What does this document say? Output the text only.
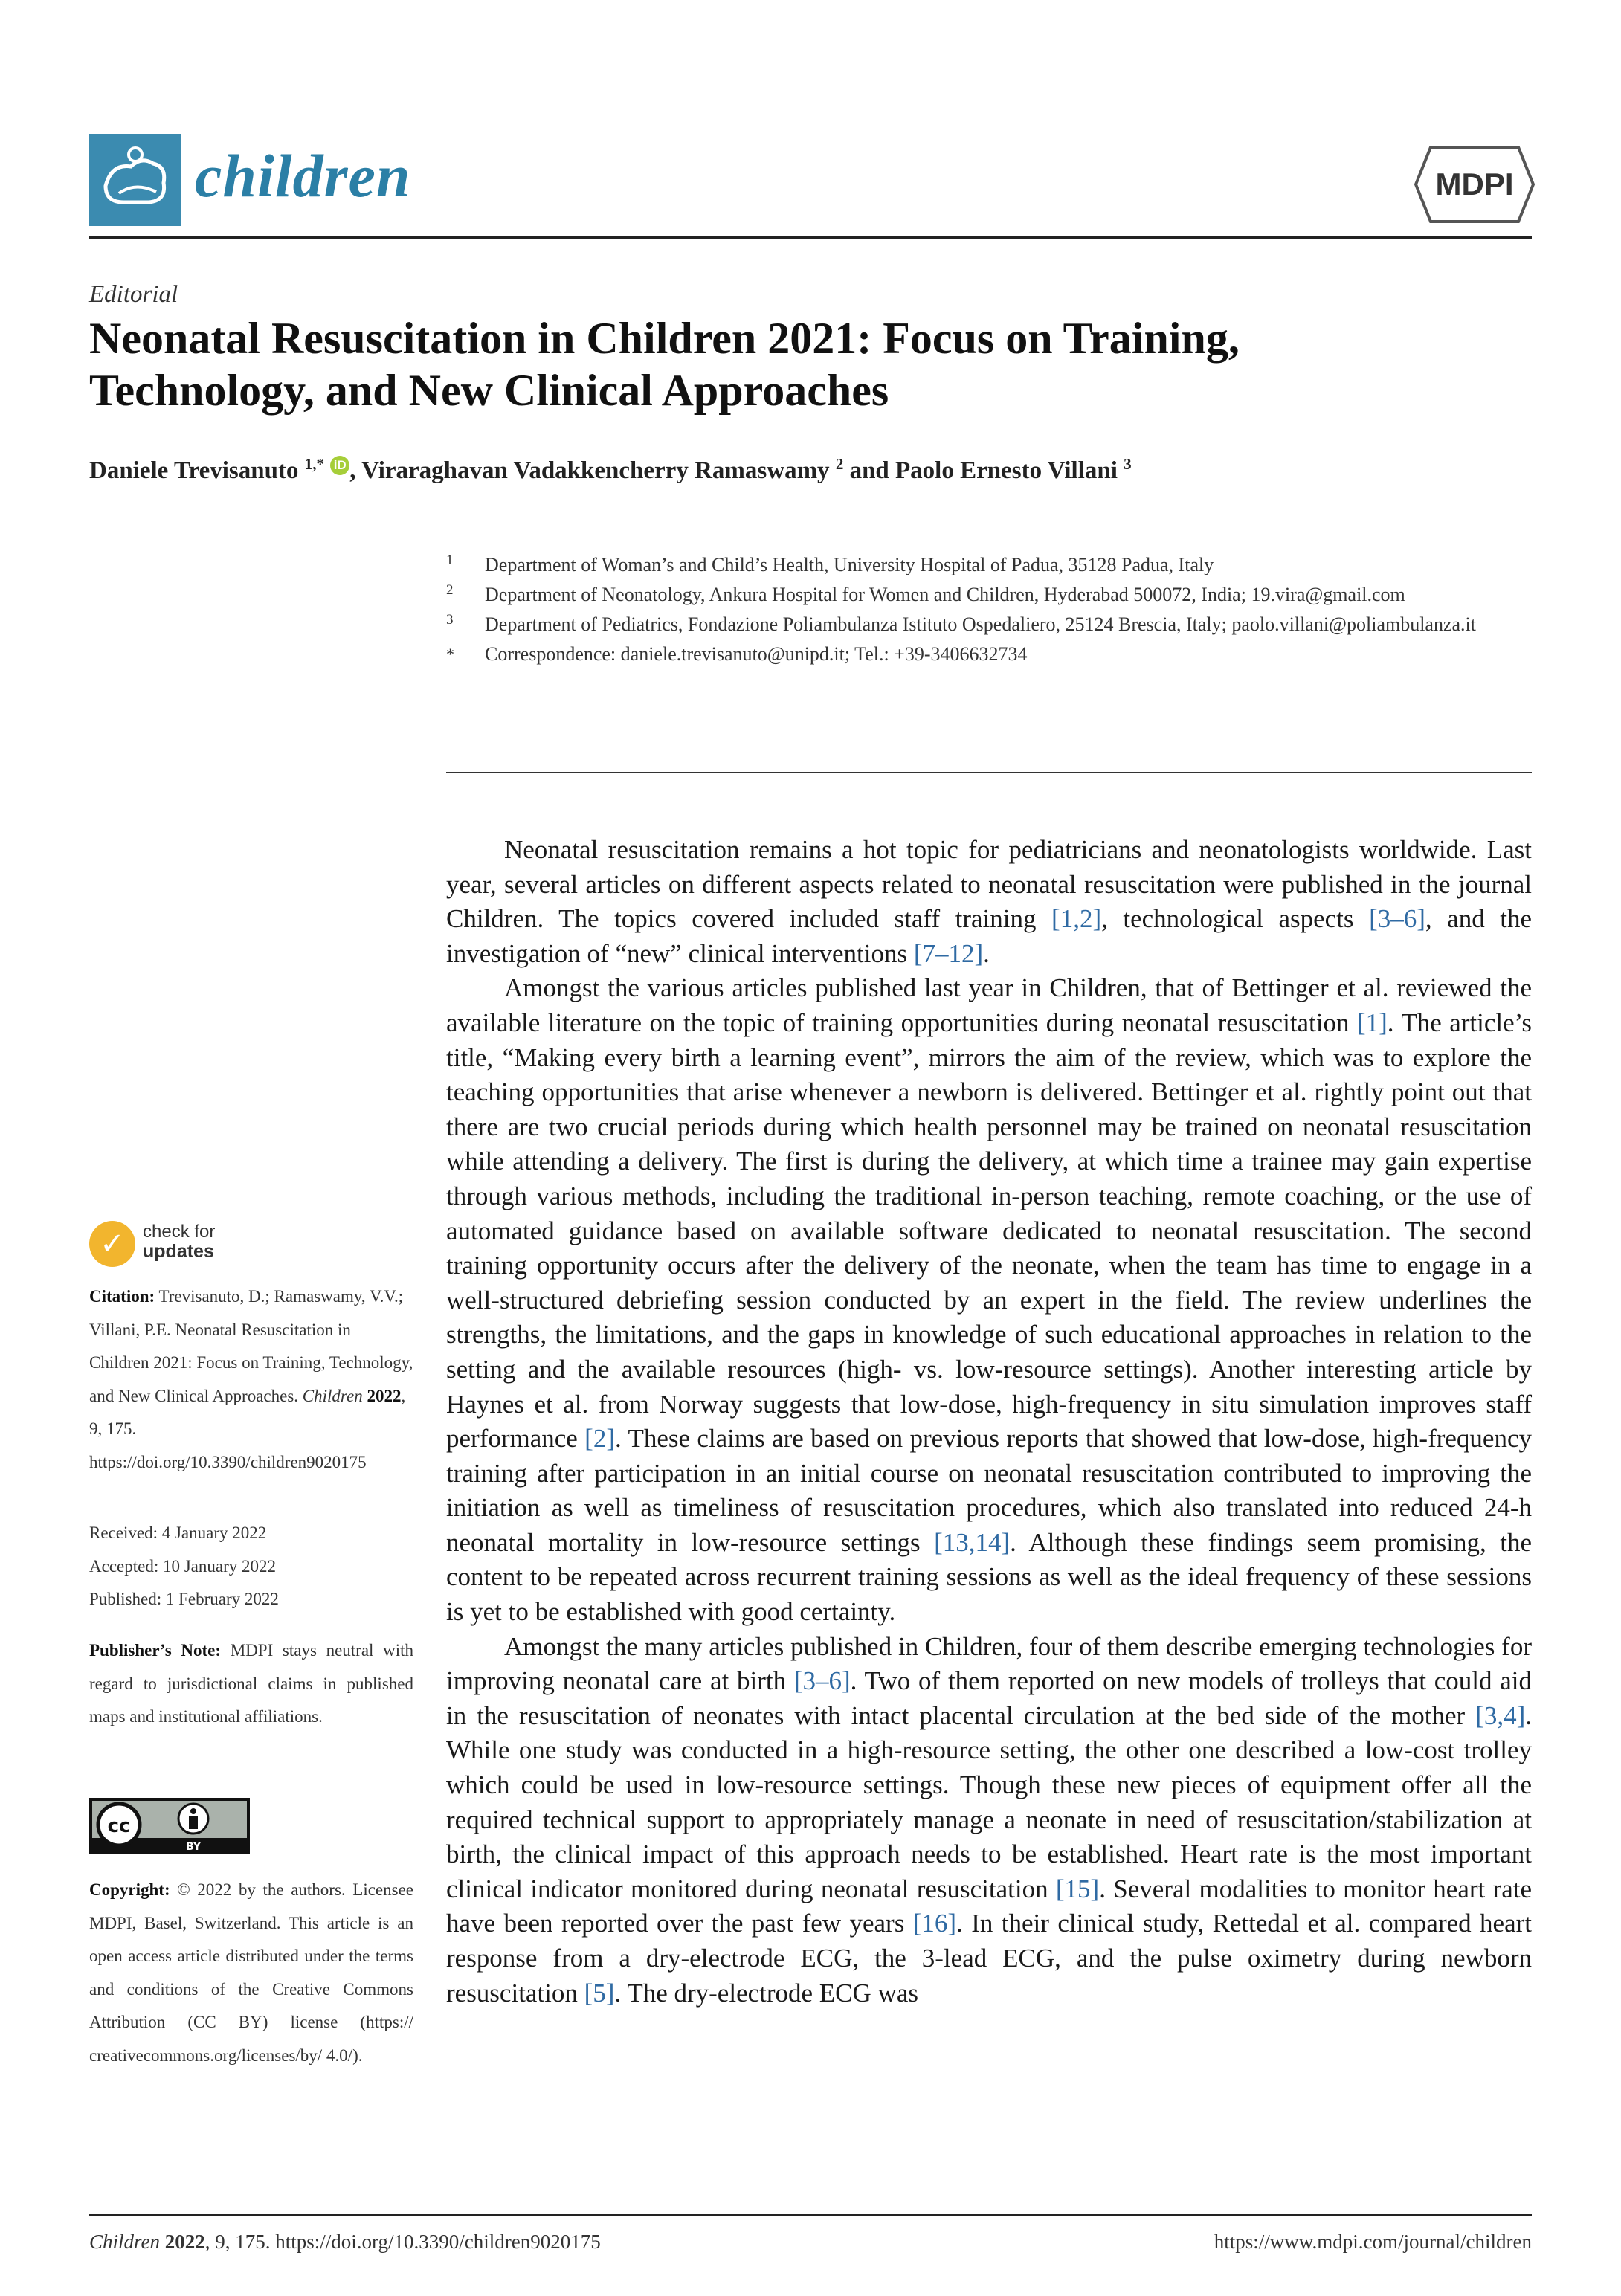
children	MDPI
Editorial
Neonatal Resuscitation in Children 2021: Focus on Training,
Technology, and New Clinical Approaches
Daniele Trevisanuto $^{1,*}$ iD , Viraraghavan Vadakkencherry Ramaswamy $^2$ and Paolo Ernesto Villani $^3$
1 Department of Woman’s and Child’s Health, University Hospital of Padua, 35128 Padua, Italy
2 Department of Neonatology, Ankura Hospital for Women and Children, Hyderabad 500072, India; 19.vira@gmail.com
3 Department of Pediatrics, Fondazione Poliambulanza Istituto Ospedaliero, 25124 Brescia, Italy; paolo.villani@poliambulanza.it
* Correspondence: daniele.trevisanuto@unipd.it; Tel.: +39-3406632734
✓	check for
updates
Citation: Trevisanuto, D.; Ramaswamy, V.V.; Villani, P.E. Neonatal Resuscitation in Children 2021: Focus on Training, Technology, and New Clinical Approaches. Children 2022, 9, 175. https://doi.org/10.3390/children9020175
Received: 4 January 2022
Accepted: 10 January 2022
Published: 1 February 2022
Publisher’s Note: MDPI stays neutral with regard to jurisdictional claims in published maps and institutional affiliations.
cc
BY
Copyright: © 2022 by the authors. Licensee MDPI, Basel, Switzerland. This article is an open access article distributed under the terms and conditions of the Creative Commons Attribution (CC BY) license (https:// creativecommons.org/licenses/by/ 4.0/).

Neonatal resuscitation remains a hot topic for pediatricians and neonatologists worldwide. Last year, several articles on different aspects related to neonatal resuscitation were published in the journal Children. The topics covered included staff training [1,2], technological aspects [3–6], and the investigation of “new” clinical interventions [7–12].

Amongst the various articles published last year in Children, that of Bettinger et al. reviewed the available literature on the topic of training opportunities during neonatal resuscitation [1]. The article’s title, “Making every birth a learning event”, mirrors the aim of the review, which was to explore the teaching opportunities that arise whenever a newborn is delivered. Bettinger et al. rightly point out that there are two crucial periods during which health personnel may be trained on neonatal resuscitation while attending a delivery. The first is during the delivery, at which time a trainee may gain expertise through various methods, including the traditional in-person teaching, remote coaching, or the use of automated guidance based on available software dedicated to neonatal resuscitation. The second training opportunity occurs after the delivery of the neonate, when the team has time to engage in a well-structured debriefing session conducted by an expert in the field. The review underlines the strengths, the limitations, and the gaps in knowledge of such educational approaches in relation to the setting and the available resources (high- vs. low-resource settings). Another interesting article by Haynes et al. from Norway suggests that low-dose, high-frequency in situ simulation improves staff performance [2]. These claims are based on previous reports that showed that low-dose, high-frequency training after participation in an initial course on neonatal resuscitation contributed to improving the initiation as well as timeliness of resuscitation procedures, which also translated into reduced 24-h neonatal mortality in low-resource settings [13,14]. Although these findings seem promising, the content to be repeated across recurrent training sessions as well as the ideal frequency of these sessions is yet to be established with good certainty.

Amongst the many articles published in Children, four of them describe emerging technologies for improving neonatal care at birth [3–6]. Two of them reported on new models of trolleys that could aid in the resuscitation of neonates with intact placental circulation at the bed side of the mother [3,4]. While one study was conducted in a high-resource setting, the other one described a low-cost trolley which could be used in low-resource settings. Though these new pieces of equipment offer all the required technical support to appropriately manage a neonate in need of resuscitation/stabilization at birth, the clinical impact of this approach needs to be established. Heart rate is the most important clinical indicator monitored during neonatal resuscitation [15]. Several modalities to monitor heart rate have been reported over the past few years [16]. In their clinical study, Rettedal et al. compared heart response from a dry-electrode ECG, the 3-lead ECG, and the pulse oximetry during newborn resuscitation [5]. The dry-electrode ECG was

Children 2022, 9, 175. https://doi.org/10.3390/children9020175	https://www.mdpi.com/journal/children
